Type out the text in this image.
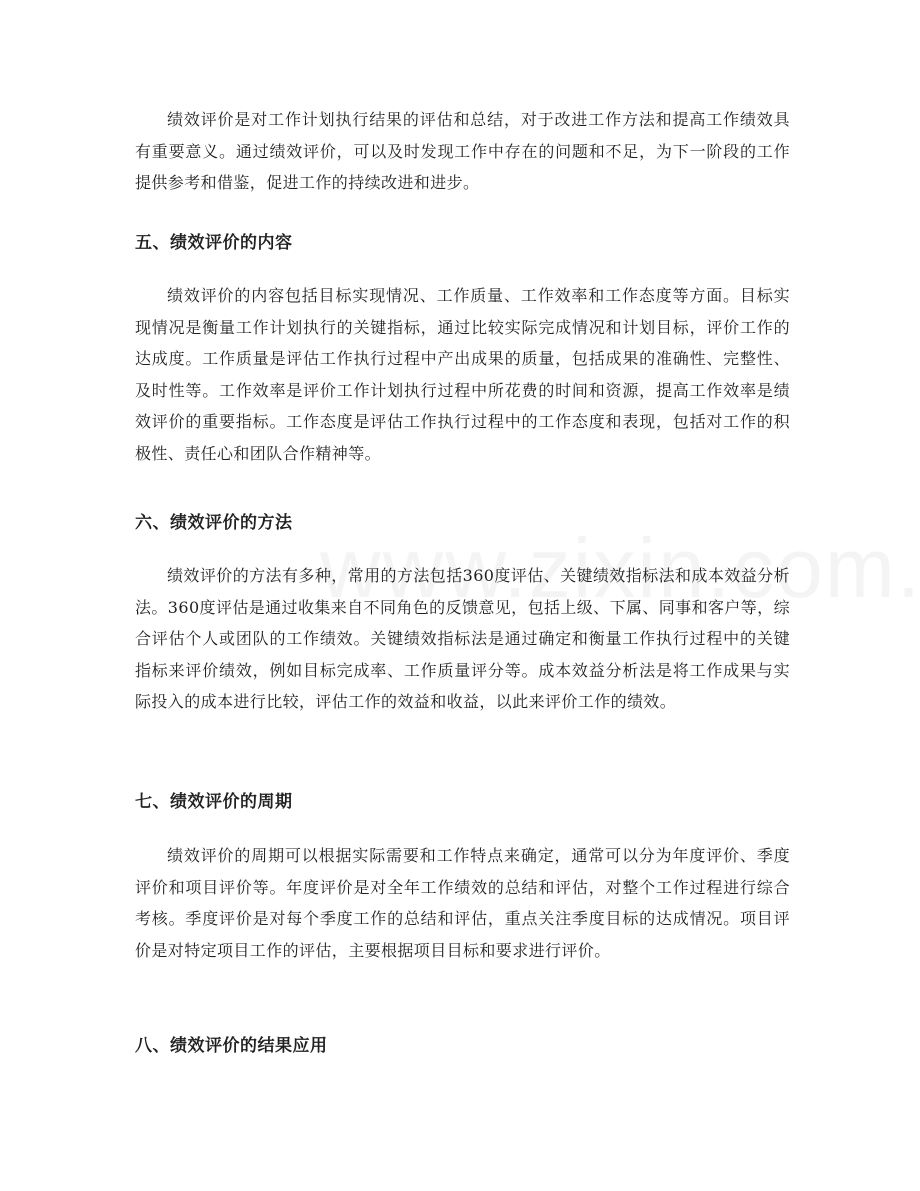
绩效评价是对工作计划执行结果的评估和总结，对于改进工作方法和提高工作绩效具有重要意义。通过绩效评价，可以及时发现工作中存在的问题和不足，为下一阶段的工作提供参考和借鉴，促进工作的持续改进和进步。

五、绩效评价的内容

绩效评价的内容包括目标实现情况、工作质量、工作效率和工作态度等方面。目标实现情况是衡量工作计划执行的关键指标，通过比较实际完成情况和计划目标，评价工作的达成度。工作质量是评估工作执行过程中产出成果的质量，包括成果的准确性、完整性、及时性等。工作效率是评价工作计划执行过程中所花费的时间和资源，提高工作效率是绩效评价的重要指标。工作态度是评估工作执行过程中的工作态度和表现，包括对工作的积极性、责任心和团队合作精神等。

六、绩效评价的方法

绩效评价的方法有多种，常用的方法包括360度评估、关键绩效指标法和成本效益分析法。360度评估是通过收集来自不同角色的反馈意见，包括上级、下属、同事和客户等，综合评估个人或团队的工作绩效。关键绩效指标法是通过确定和衡量工作执行过程中的关键指标来评价绩效，例如目标完成率、工作质量评分等。成本效益分析法是将工作成果与实际投入的成本进行比较，评估工作的效益和收益，以此来评价工作的绩效。

七、绩效评价的周期

绩效评价的周期可以根据实际需要和工作特点来确定，通常可以分为年度评价、季度评价和项目评价等。年度评价是对全年工作绩效的总结和评估，对整个工作过程进行综合考核。季度评价是对每个季度工作的总结和评估，重点关注季度目标的达成情况。项目评价是对特定项目工作的评估，主要根据项目目标和要求进行评价。

八、绩效评价的结果应用
